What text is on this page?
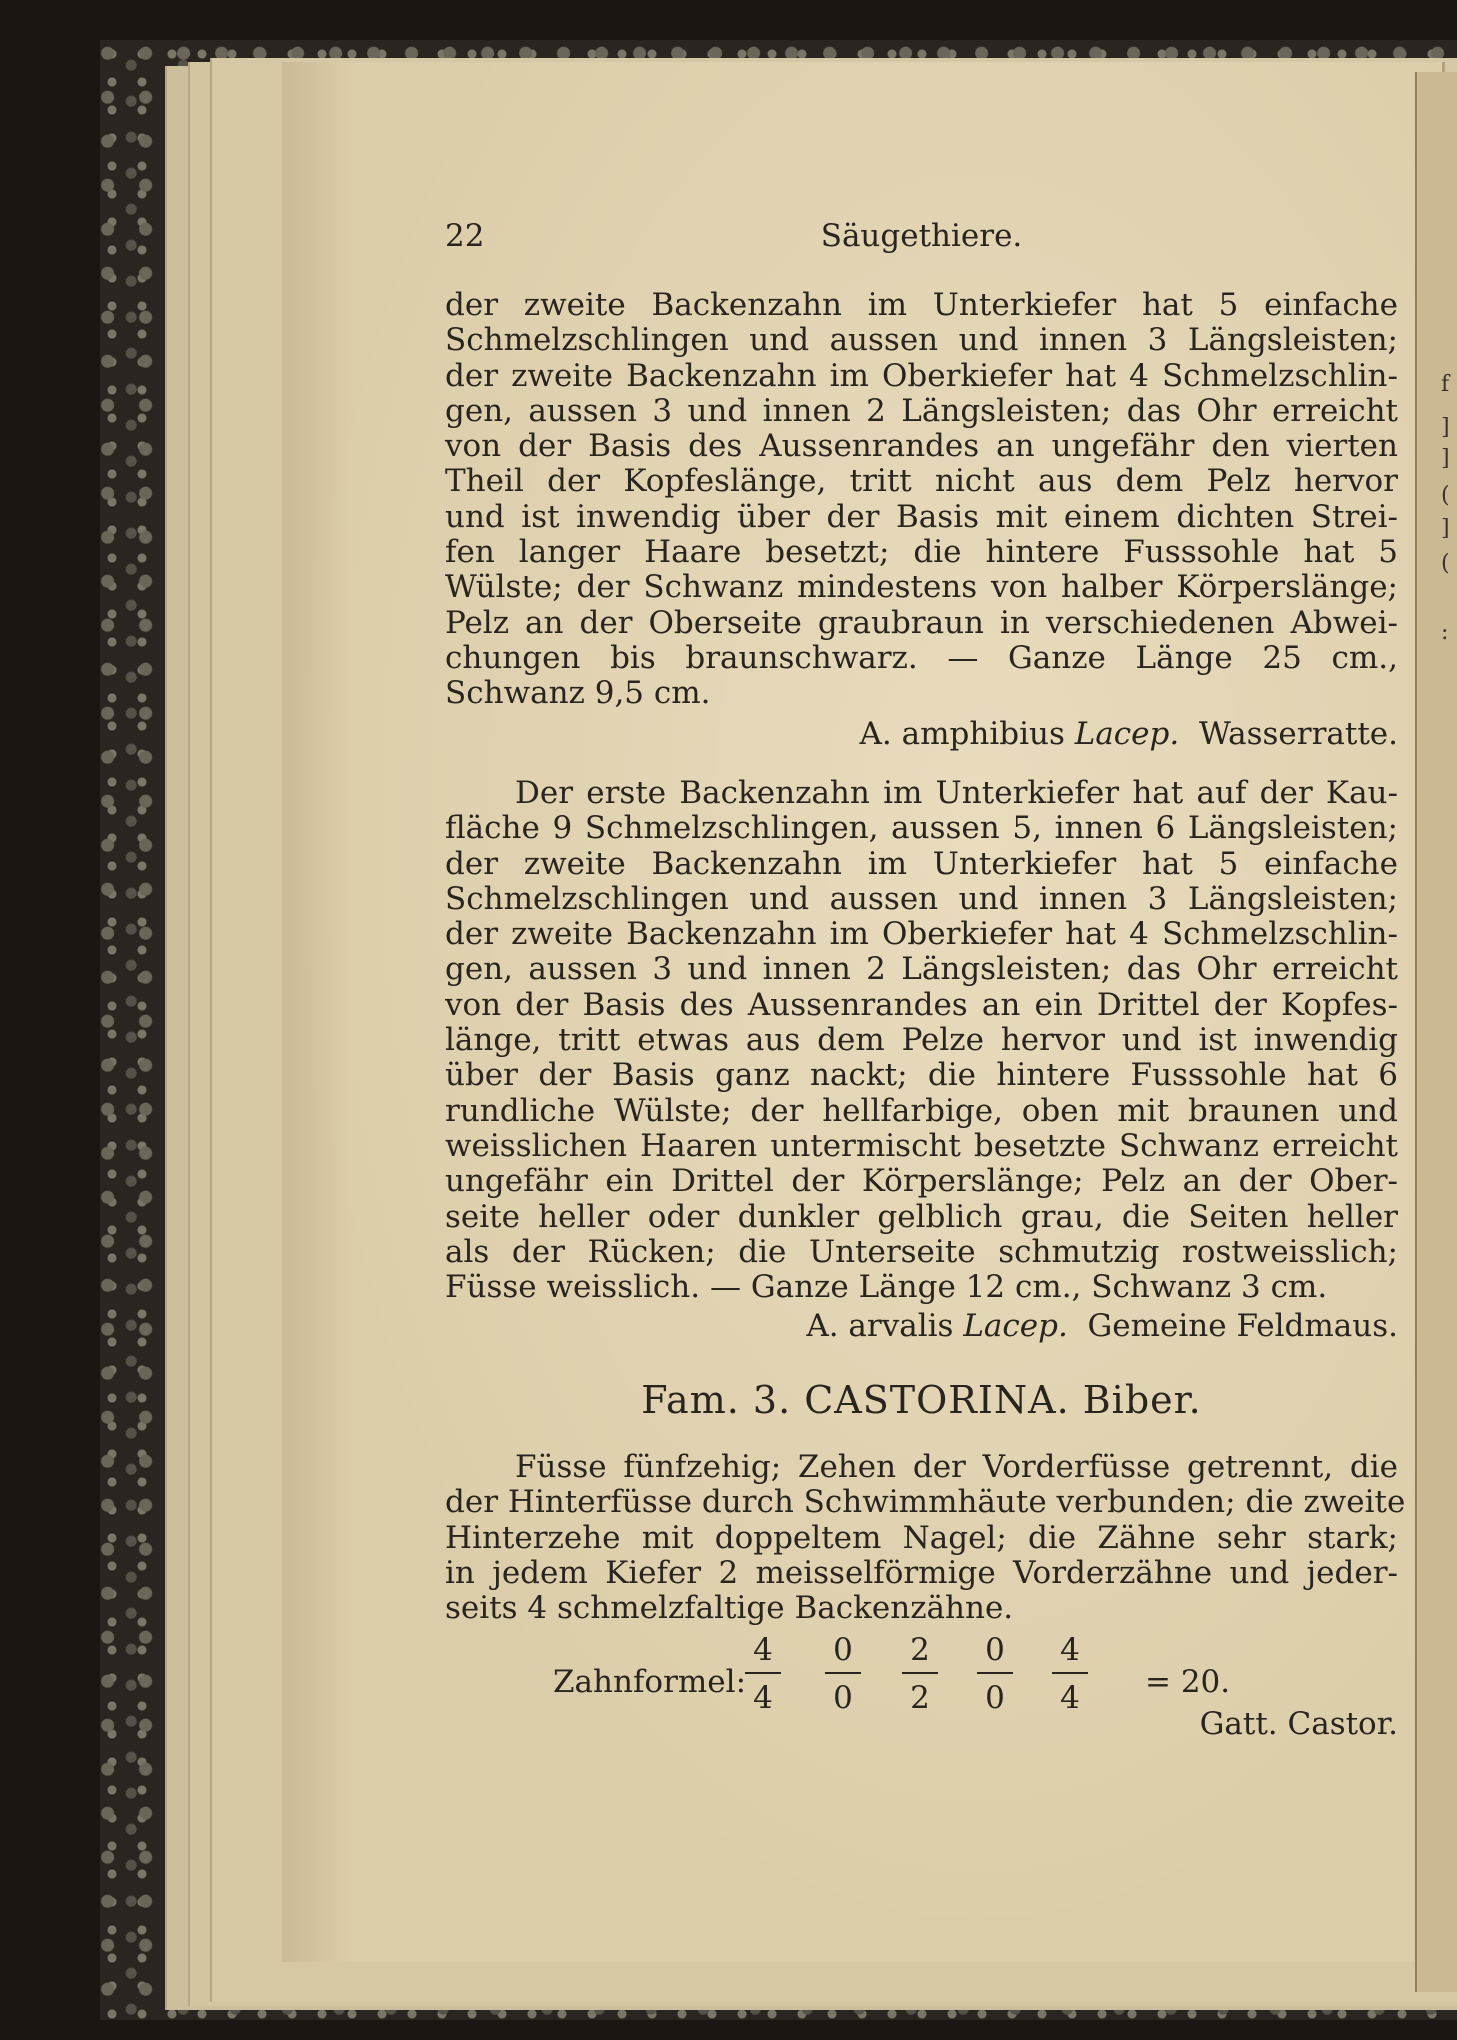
f
]
]
(
]
(
:
22	Säugethiere.
der zweite Backenzahn im Unterkiefer hat 5 einfache
Schmelzschlingen und aussen und innen 3 Längsleisten;
der zweite Backenzahn im Oberkiefer hat 4 Schmelzschlin-
gen, aussen 3 und innen 2 Längsleisten; das Ohr erreicht
von der Basis des Aussenrandes an ungefähr den vierten
Theil der Kopfeslänge, tritt nicht aus dem Pelz hervor
und ist inwendig über der Basis mit einem dichten Strei-
fen langer Haare besetzt; die hintere Fusssohle hat 5
Wülste; der Schwanz mindestens von halber Körperslänge;
Pelz an der Oberseite graubraun in verschiedenen Abwei-
chungen bis braunschwarz. — Ganze Länge 25 cm.,
Schwanz 9,5 cm.
A. amphibius Lacep. Wasserratte.
Der erste Backenzahn im Unterkiefer hat auf der Kau-
fläche 9 Schmelzschlingen, aussen 5, innen 6 Längsleisten;
der zweite Backenzahn im Unterkiefer hat 5 einfache
Schmelzschlingen und aussen und innen 3 Längsleisten;
der zweite Backenzahn im Oberkiefer hat 4 Schmelzschlin-
gen, aussen 3 und innen 2 Längsleisten; das Ohr erreicht
von der Basis des Aussenrandes an ein Drittel der Kopfes-
länge, tritt etwas aus dem Pelze hervor und ist inwendig
über der Basis ganz nackt; die hintere Fusssohle hat 6
rundliche Wülste; der hellfarbige, oben mit braunen und
weisslichen Haaren untermischt besetzte Schwanz erreicht
ungefähr ein Drittel der Körperslänge; Pelz an der Ober-
seite heller oder dunkler gelblich grau, die Seiten heller
als der Rücken; die Unterseite schmutzig rostweisslich;
Füsse weisslich. — Ganze Länge 12 cm., Schwanz 3 cm.
A. arvalis Lacep. Gemeine Feldmaus.
Fam. 3. CASTORINA. Biber.
Füsse fünfzehig; Zehen der Vorderfüsse getrennt, die
der Hinterfüsse durch Schwimmhäute verbunden; die zweite
Hinterzehe mit doppeltem Nagel; die Zähne sehr stark;
in jedem Kiefer 2 meisselförmige Vorderzähne und jeder-
seits 4 schmelzfaltige Backenzähne.
Zahnformel:
4
4
0
0
2
2
0
0
4
4	= 20.
Gatt. Castor.
